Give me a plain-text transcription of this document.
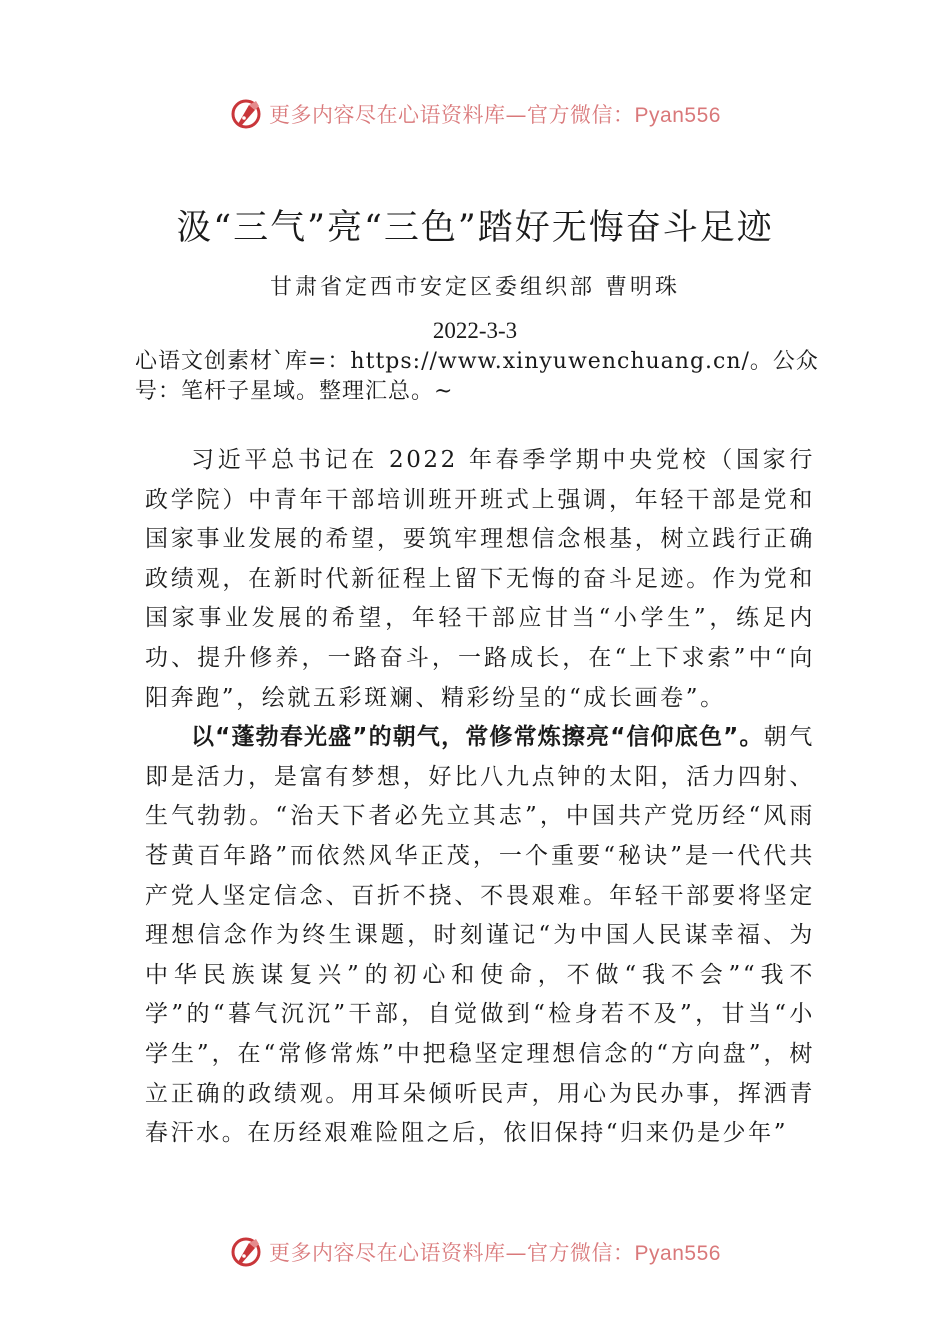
更多内容尽在心语资料库—官方微信：Pyan556
汲“三气”亮“三色”踏好无悔奋斗足迹
甘肃省定西市安定区委组织部 曹明珠
2022-3-3
心语文创素材`库=：https://www.xinyuwenchuang.cn/。公众号：笔杆子星域。整理汇总。~

习近平总书记在 2022 年春季学期中央党校（国家行政学院）中青年干部培训班开班式上强调，年轻干部是党和国家事业发展的希望，要筑牢理想信念根基，树立践行正确政绩观，在新时代新征程上留下无悔的奋斗足迹。作为党和国家事业发展的希望，年轻干部应甘当“小学生”，练足内功、提升修养，一路奋斗，一路成长，在“上下求索”中“向阳奔跑”，绘就五彩斑斓、精彩纷呈的“成长画卷”。

以“蓬勃春光盛”的朝气，常修常炼擦亮“信仰底色”。朝气即是活力，是富有梦想，好比八九点钟的太阳，活力四射、生气勃勃。“治天下者必先立其志”，中国共产党历经“风雨苍黄百年路”而依然风华正茂，一个重要“秘诀”是一代代共产党人坚定信念、百折不挠、不畏艰难。年轻干部要将坚定理想信念作为终生课题，时刻谨记“为中国人民谋幸福、为中华民族谋复兴”的初心和使命，不做“我不会”“我不学”的“暮气沉沉”干部，自觉做到“检身若不及”，甘当“小学生”，在“常修常炼”中把稳坚定理想信念的“方向盘”，树立正确的政绩观。用耳朵倾听民声，用心为民办事，挥洒青春汗水。在历经艰难险阻之后，依旧保持“归来仍是少年”

更多内容尽在心语资料库—官方微信：Pyan556
